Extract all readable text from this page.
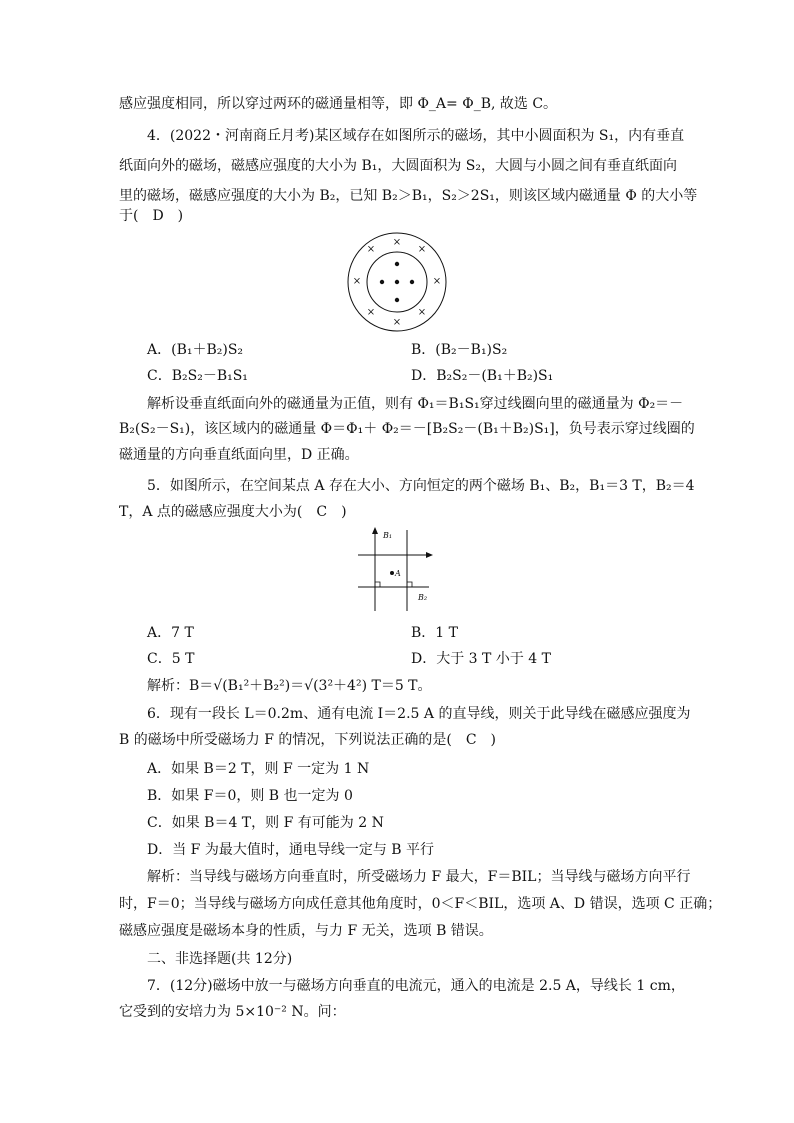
感应强度相同，所以穿过两环的磁通量相等，即 Φ_A= Φ_B, 故选 C。
4．(2022・河南商丘月考)某区域存在如图所示的磁场，其中小圆面积为 S₁，内有垂直
纸面向外的磁场，磁感应强度的大小为 B₁，大圆面积为 S₂，大圆与小圆之间有垂直纸面向
里的磁场，磁感应强度的大小为 B₂，已知 B₂＞B₁，S₂＞2S₁，则该区域内磁通量 Φ 的大小等
于(　D　)
×
×	×
×	×
×	×
×
A．(B₁＋B₂)S₂	B．(B₂－B₁)S₂
C．B₂S₂－B₁S₁	D．B₂S₂－(B₁＋B₂)S₁
解析设垂直纸面向外的磁通量为正值，则有 Φ₁＝B₁S₁穿过线圈向里的磁通量为 Φ₂＝－
B₂(S₂－S₁)，该区域内的磁通量 Φ＝Φ₁＋ Φ₂＝－[B₂S₂－(B₁＋B₂)S₁]，负号表示穿过线圈的
磁通量的方向垂直纸面向里，D 正确。
5．如图所示，在空间某点 A 存在大小、方向恒定的两个磁场 B₁、B₂，B₁＝3 T，B₂＝4
T，A 点的磁感应强度大小为(　C　)
B₁
B₂
A
A．7 T	B．1 T
C．5 T	D．大于 3 T 小于 4 T
解析：B＝√(B₁²＋B₂²)＝√(3²＋4²) T＝5 T。
6．现有一段长 L＝0.2m、通有电流 I＝2.5 A 的直导线，则关于此导线在磁感应强度为
B 的磁场中所受磁场力 F 的情况，下列说法正确的是(　C　)
A．如果 B＝2 T，则 F 一定为 1 N
B．如果 F＝0，则 B 也一定为 0
C．如果 B＝4 T，则 F 有可能为 2 N
D．当 F 为最大值时，通电导线一定与 B 平行
解析：当导线与磁场方向垂直时，所受磁场力 F 最大，F＝BIL；当导线与磁场方向平行
时，F＝0；当导线与磁场方向成任意其他角度时，0＜F＜BIL，选项 A、D 错误，选项 C 正确；
磁感应强度是磁场本身的性质，与力 F 无关，选项 B 错误。
二、非选择题(共 12分)
7．(12分)磁场中放一与磁场方向垂直的电流元，通入的电流是 2.5 A，导线长 1 cm，
它受到的安培力为 5×10⁻² N。问：
